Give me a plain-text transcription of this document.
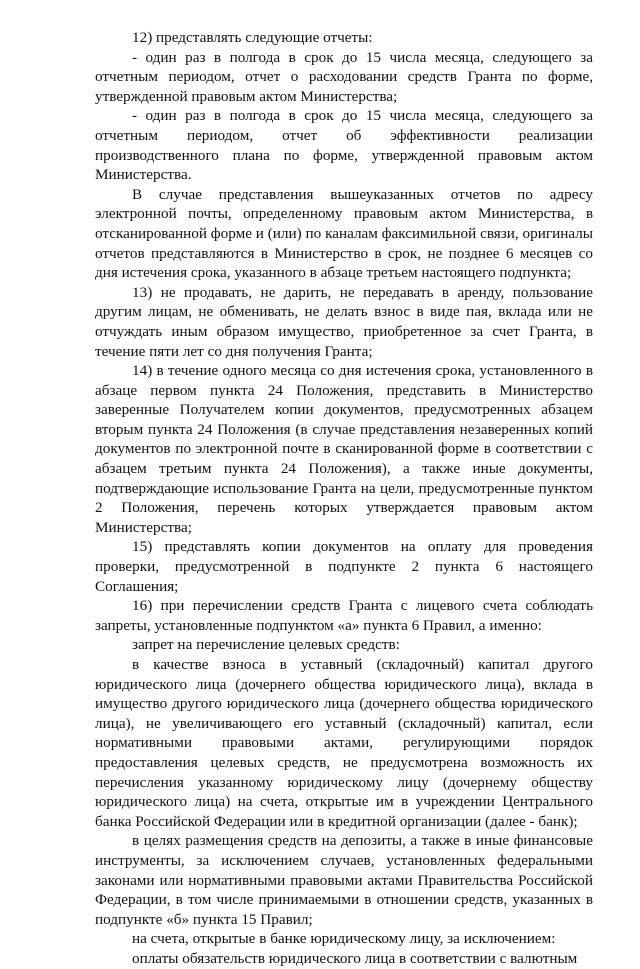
12) представлять следующие отчеты:

- один раз в полгода в срок до 15 числа месяца, следующего за отчетным периодом, отчет о расходовании средств Гранта по форме, утвержденной правовым актом Министерства;

- один раз в полгода в срок до 15 числа месяца, следующего за отчетным периодом, отчет об эффективности реализации производственного плана по форме, утвержденной правовым актом Министерства.

В случае представления вышеуказанных отчетов по адресу электронной почты, определенному правовым актом Министерства, в отсканированной форме и (или) по каналам факсимильной связи, оригиналы отчетов представляются в Министерство в срок, не позднее 6 месяцев со дня истечения срока, указанного в абзаце третьем настоящего подпункта;

13) не продавать, не дарить, не передавать в аренду, пользование другим лицам, не обменивать, не делать взнос в виде пая, вклада или не отчуждать иным образом имущество, приобретенное за счет Гранта, в течение пяти лет со дня получения Гранта;

14) в течение одного месяца со дня истечения срока, установленного в абзаце первом пункта 24 Положения, представить в Министерство заверенные Получателем копии документов, предусмотренных абзацем вторым пункта 24 Положения (в случае представления незаверенных копий документов по электронной почте в сканированной форме в соответствии с абзацем третьим пункта 24 Положения), а также иные документы, подтверждающие использование Гранта на цели, предусмотренные пунктом 2 Положения, перечень которых утверждается правовым актом Министерства;

15) представлять копии документов на оплату для проведения проверки, предусмотренной в подпункте 2 пункта 6 настоящего Соглашения;

16) при перечислении средств Гранта с лицевого счета соблюдать запреты, установленные подпунктом «а» пункта 6 Правил, а именно:

запрет на перечисление целевых средств:

в качестве взноса в уставный (складочный) капитал другого юридического лица (дочернего общества юридического лица), вклада в имущество другого юридического лица (дочернего общества юридического лица), не увеличивающего его уставный (складочный) капитал, если нормативными правовыми актами, регулирующими порядок предоставления целевых средств, не предусмотрена возможность их перечисления указанному юридическому лицу (дочернему обществу юридического лица) на счета, открытые им в учреждении Центрального банка Российской Федерации или в кредитной организации (далее - банк);

в целях размещения средств на депозиты, а также в иные финансовые инструменты, за исключением случаев, установленных федеральными законами или нормативными правовыми актами Правительства Российской Федерации, в том числе принимаемыми в отношении средств, указанных в подпункте «б» пункта 15 Правил;

на счета, открытые в банке юридическому лицу, за исключением:

оплаты обязательств юридического лица в соответствии с валютным
